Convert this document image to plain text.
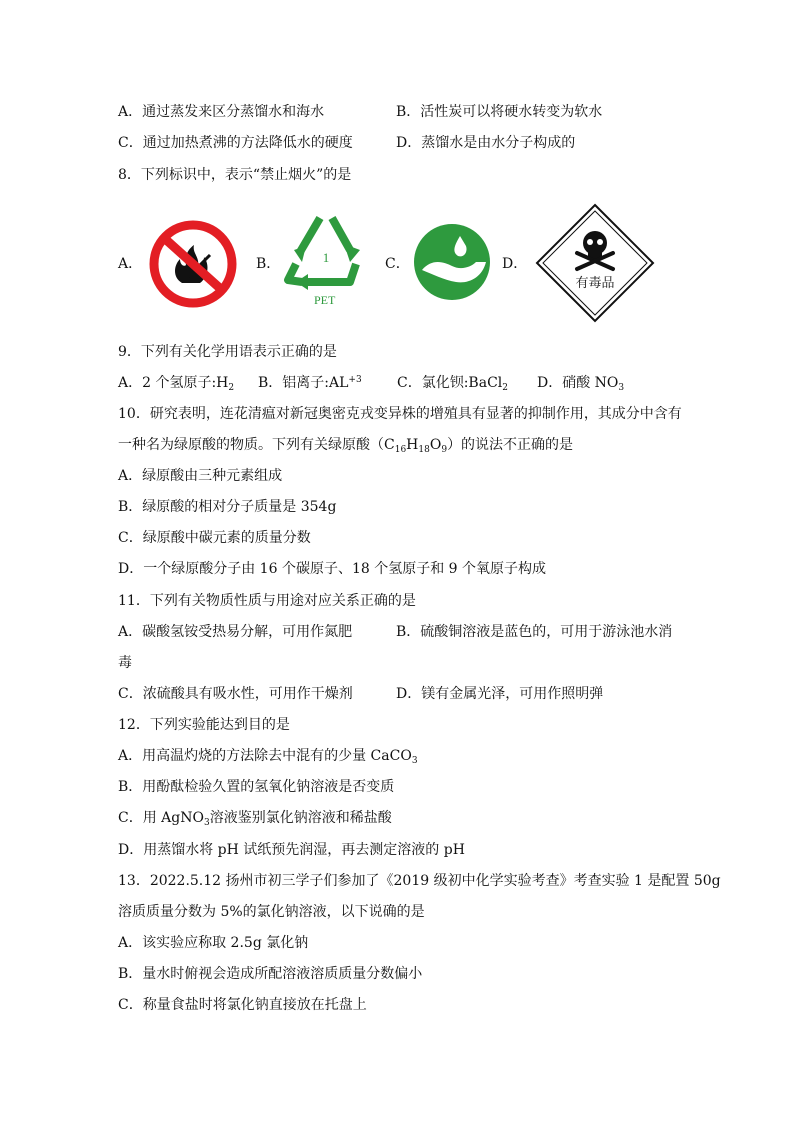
A．通过蒸发来区分蒸馏水和海水	B．活性炭可以将硬水转变为软水
C．通过加热煮沸的方法降低水的硬度	D．蒸馏水是由水分子构成的
8．下列标识中，表示“禁止烟火”的是
A．	B．	1
PET
C．	D．
有毒品
9．下列有关化学用语表示正确的是
A．2 个氢原子$:H_2$ B．铝离子$:AL^{+3}$	C．氯化钡:BaCl$_2$ D．硝酸 $NO_3$
10．研究表明，连花清瘟对新冠奥密克戎变异株的增殖具有显著的抑制作用，其成分中含有
一种名为绿原酸的物质。下列有关绿原酸$(C_{16}H_{18}O_9)$的说法不正确的是
A．绿原酸由三种元素组成
B．绿原酸的相对分子质量是 354g
C．绿原酸中碳元素的质量分数
D．一个绿原酸分子由 16 个碳原子、18 个氢原子和 9 个氧原子构成
11．下列有关物质性质与用途对应关系正确的是
A．碳酸氢铵受热易分解，可用作氮肥	B．硫酸铜溶液是蓝色的，可用于游泳池水消
毒
C．浓硫酸具有吸水性，可用作干燥剂	D．镁有金属光泽，可用作照明弹
12．下列实验能达到目的是
A．用高温灼烧的方法除去中混有的少量 CaCO$_3$
B．用酚酞检验久置的氢氧化钠溶液是否变质
C．用 AgNO$_3$溶液鉴别氯化钠溶液和稀盐酸
D．用蒸馏水将 pH 试纸预先润湿，再去测定溶液的 pH
13．2022.5.12 扬州市初三学子们参加了《2019 级初中化学实验考查》考查实验 1 是配置 50g
溶质质量分数为 5%的氯化钠溶液，以下说确的是
A．该实验应称取 2.5g 氯化钠
B．量水时俯视会造成所配溶液溶质质量分数偏小
C．称量食盐时将氯化钠直接放在托盘上
